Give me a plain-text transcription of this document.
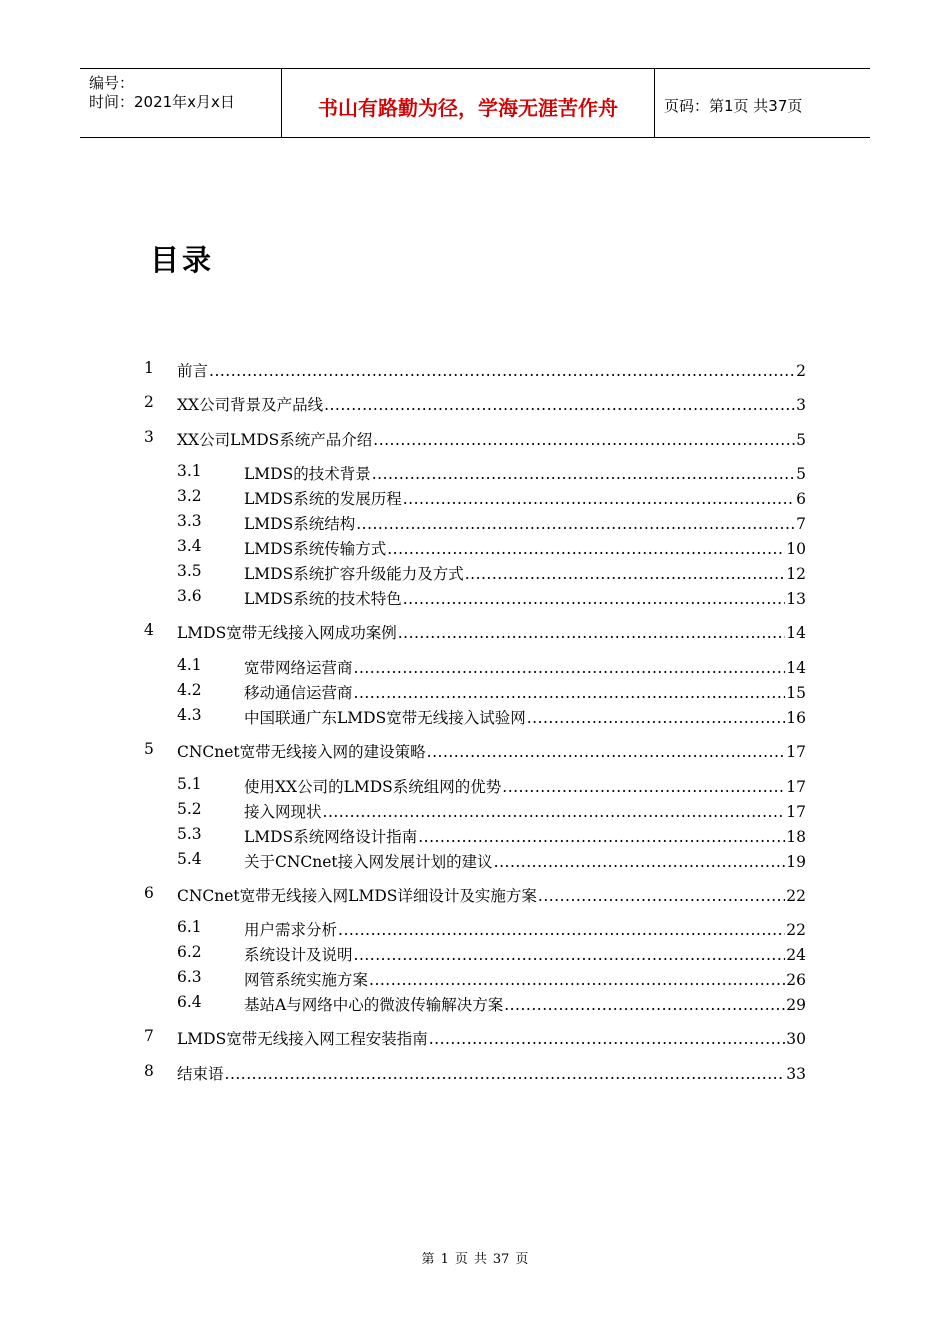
编号：
时间：2021年x月x日	书山有路勤为径，学海无涯苦作舟	页码：第1页 共37页
目录
1 前言 .....	2
2 XX公司背景及产品线 .....	3
3 XX公司LMDS系统产品介绍 .....	5
3.1	LMDS的技术背景 .....	5
3.2	LMDS系统的发展历程 .....	6
3.3	LMDS系统结构 .....	7
3.4	LMDS系统传输方式 .....	10
3.5	LMDS系统扩容升级能力及方式 .....	12
3.6	LMDS系统的技术特色 .....	13
4 LMDS宽带无线接入网成功案例 .....	14
4.1	宽带网络运营商 .....	14
4.2	移动通信运营商 .....	15
4.3	中国联通广东LMDS宽带无线接入试验网 .....	16
5 CNCnet宽带无线接入网的建设策略 .....	17
5.1	使用XX公司的LMDS系统组网的优势 .....	17
5.2	接入网现状 .....	17
5.3	LMDS系统网络设计指南 .....	18
5.4	关于CNCnet接入网发展计划的建议 .....	19
6 CNCnet宽带无线接入网LMDS详细设计及实施方案 .....	22
6.1	用户需求分析 .....	22
6.2	系统设计及说明 .....	24
6.3	网管系统实施方案 .....	26
6.4	基站A与网络中心的微波传输解决方案 .....	29
7 LMDS宽带无线接入网工程安装指南 .....	30
8 结束语 .....	33
第 1 页 共 37 页
